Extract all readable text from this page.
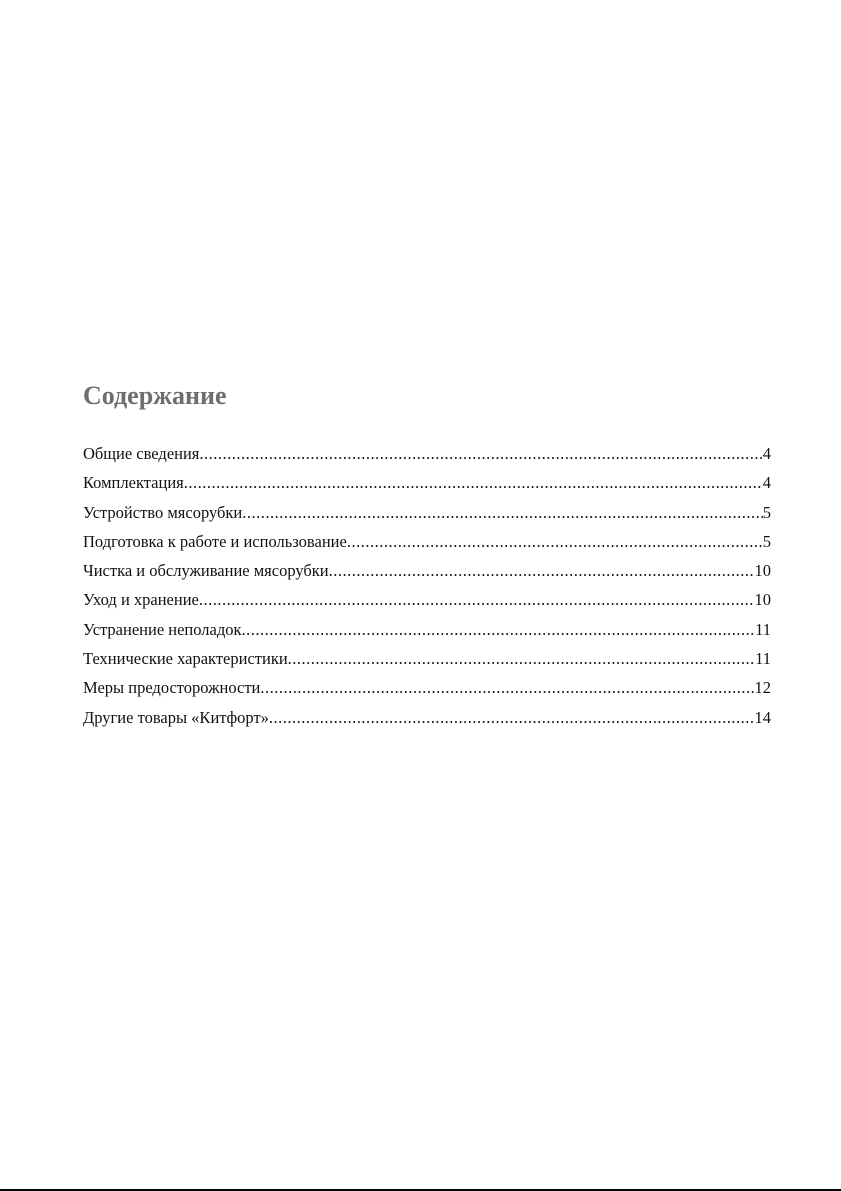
Содержание
Общие сведения .....	4
Комплектация .....	4
Устройство мясорубки .....	5
Подготовка к работе и использование .....	5
Чистка и обслуживание мясорубки .....	10
Уход и хранение .....	10
Устранение неполадок .....	11
Технические характеристики .....	11
Меры предосторожности .....	12
Другие товары «Китфорт» .....	14
